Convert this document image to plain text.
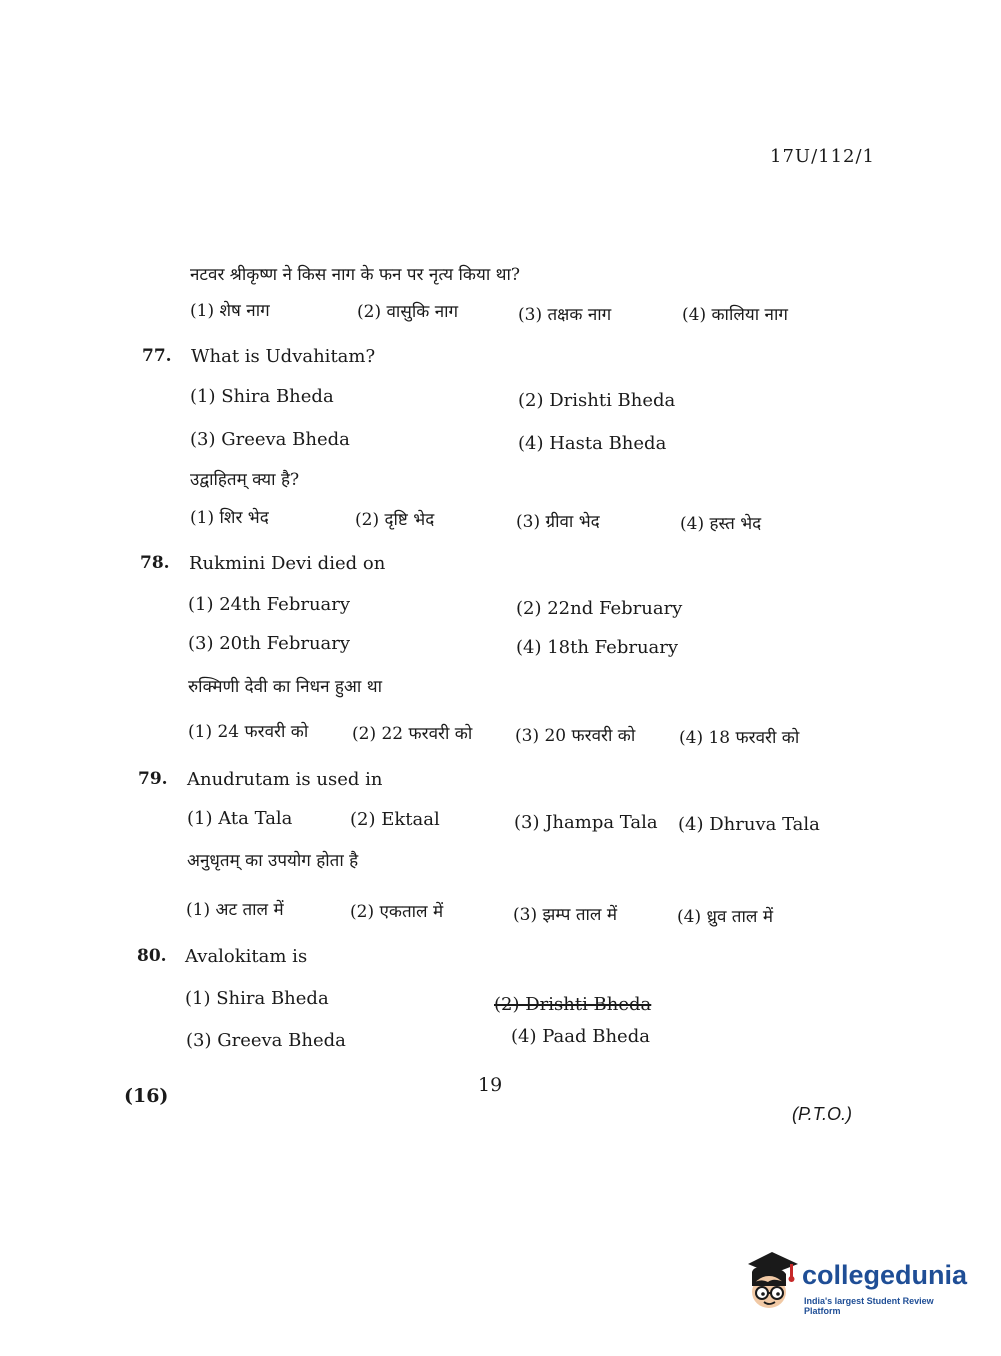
17U/112/1
नटवर श्रीकृष्ण ने किस नाग के फन पर नृत्य किया था?
(1) शेष नाग	(2) वासुकि नाग	(3) तक्षक नाग	(4) कालिया नाग
77. What is Udvahitam?
(1) Shira Bheda	(2) Drishti Bheda
(3) Greeva Bheda	(4) Hasta Bheda
उद्वाहितम् क्या है?
(1) शिर भेद	(2) दृष्टि भेद	(3) ग्रीवा भेद	(4) हस्त भेद
78. Rukmini Devi died on
(1) 24th February	(2) 22nd February
(3) 20th February	(4) 18th February
रुक्मिणी देवी का निधन हुआ था
(1) 24 फरवरी को	(2) 22 फरवरी को	(3) 20 फरवरी को	(4) 18 फरवरी को
79. Anudrutam is used in
(1) Ata Tala	(2) Ektaal	(3) Jhampa Tala (4) Dhruva Tala
अनुधृतम् का उपयोग होता है
(1) अट ताल में	(2) एकताल में	(3) झम्प ताल में	(4) ध्रुव ताल में
80. Avalokitam is
(1) Shira Bheda	(2) Drishti Bheda
(3) Greeva Bheda	(4) Paad Bheda
19
(16)
(P.T.O.)
collegedunia
India's largest Student Review Platform
